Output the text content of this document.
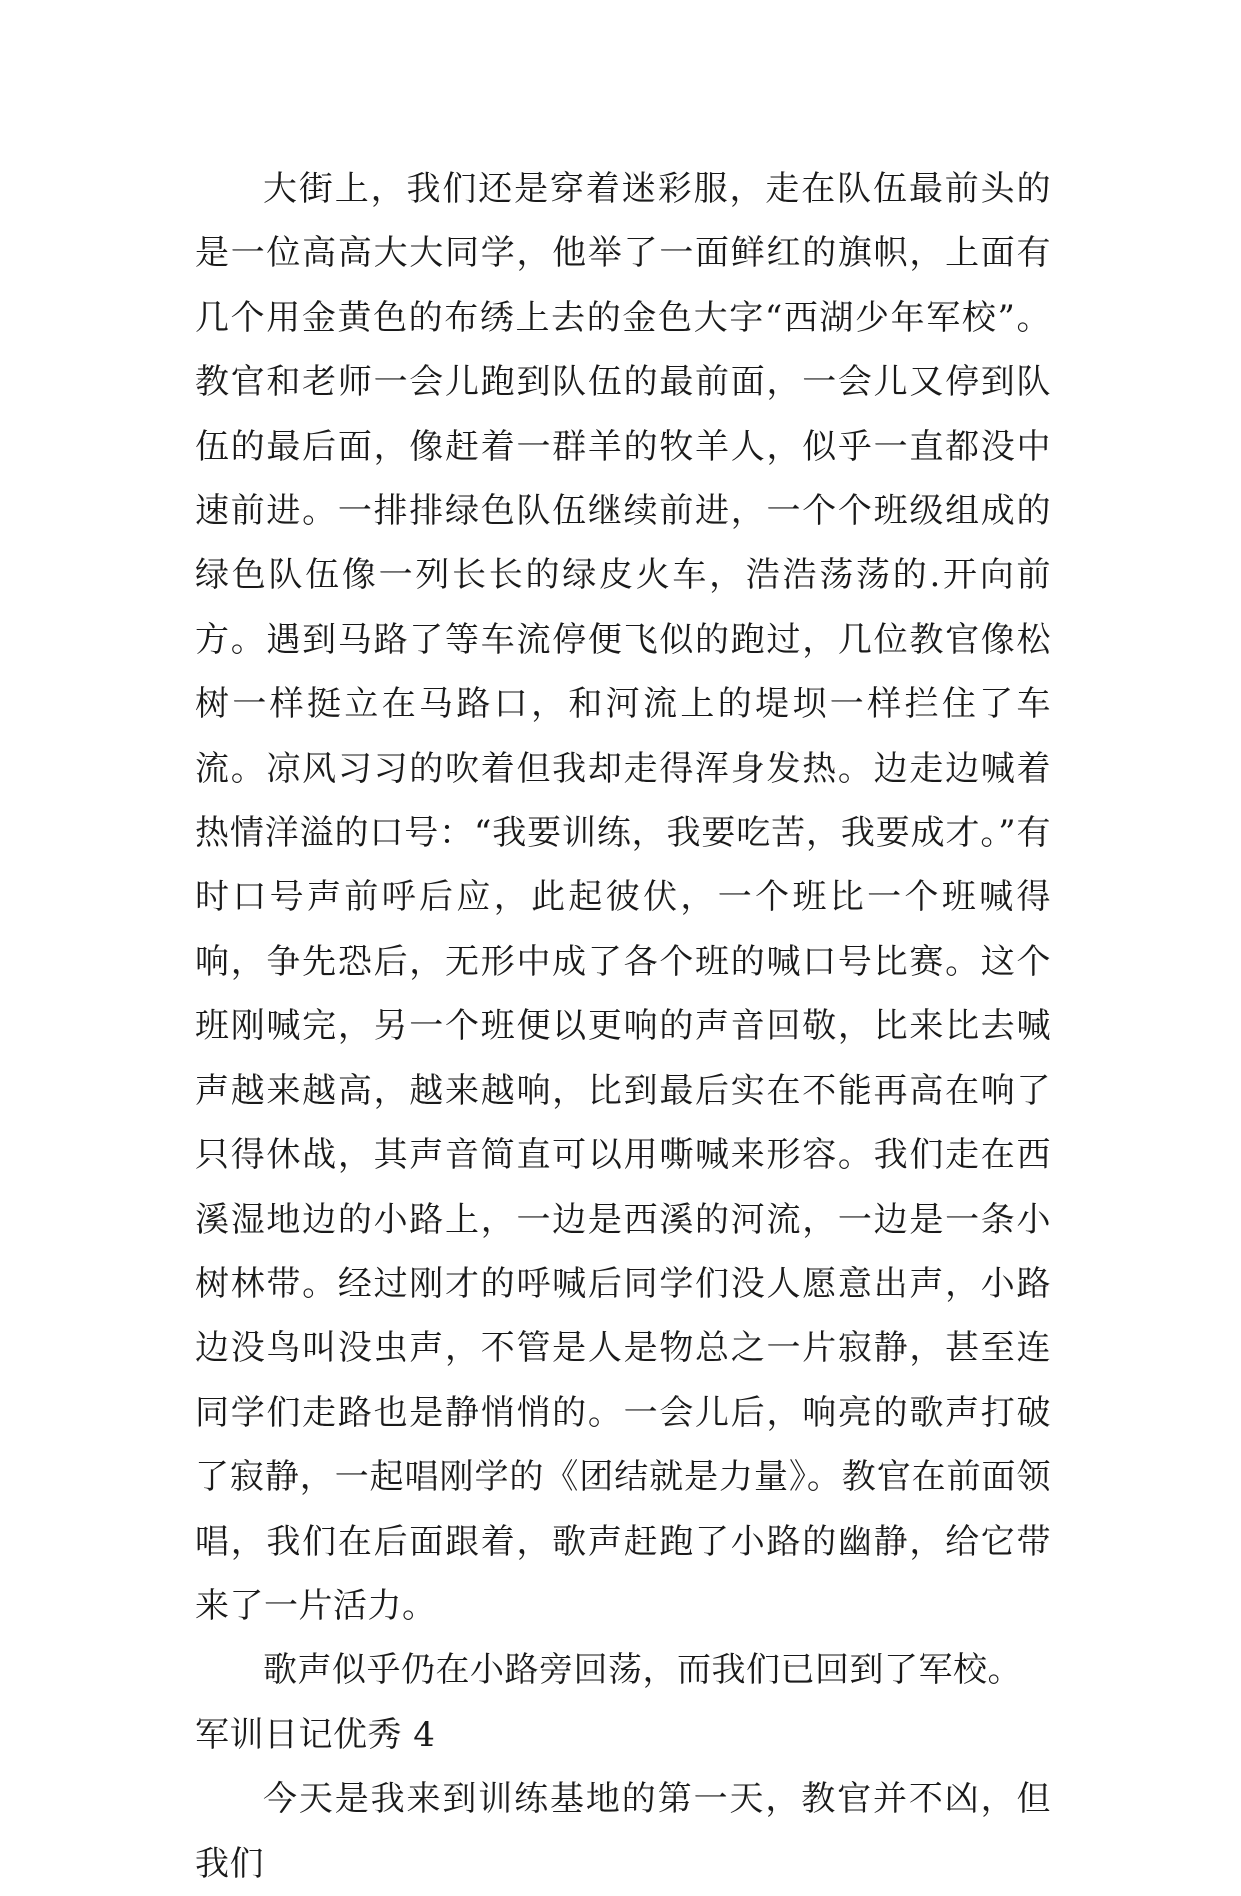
大街上，我们还是穿着迷彩服，走在队伍最前头的是一位高高大大同学，他举了一面鲜红的旗帜，上面有几个用金黄色的布绣上去的金色大字“西湖少年军校”。教官和老师一会儿跑到队伍的最前面，一会儿又停到队伍的最后面，像赶着一群羊的牧羊人，似乎一直都没中速前进。一排排绿色队伍继续前进，一个个班级组成的绿色队伍像一列长长的绿皮火车，浩浩荡荡的.开向前方。遇到马路了等车流停便飞似的跑过，几位教官像松树一样挺立在马路口，和河流上的堤坝一样拦住了车流。凉风习习的吹着但我却走得浑身发热。边走边喊着热情洋溢的口号：“我要训练，我要吃苦，我要成才。”有时口号声前呼后应，此起彼伏，一个班比一个班喊得响，争先恐后，无形中成了各个班的喊口号比赛。这个班刚喊完，另一个班便以更响的声音回敬，比来比去喊声越来越高，越来越响，比到最后实在不能再高在响了只得休战，其声音简直可以用嘶喊来形容。我们走在西溪湿地边的小路上，一边是西溪的河流，一边是一条小树林带。经过刚才的呼喊后同学们没人愿意出声，小路边没鸟叫没虫声，不管是人是物总之一片寂静，甚至连同学们走路也是静悄悄的。一会儿后，响亮的歌声打破了寂静，一起唱刚学的《团结就是力量》。教官在前面领唱，我们在后面跟着，歌声赶跑了小路的幽静，给它带来了一片活力。

歌声似乎仍在小路旁回荡，而我们已回到了军校。

军训日记优秀 4

今天是我来到训练基地的第一天，教官并不凶，但我们
